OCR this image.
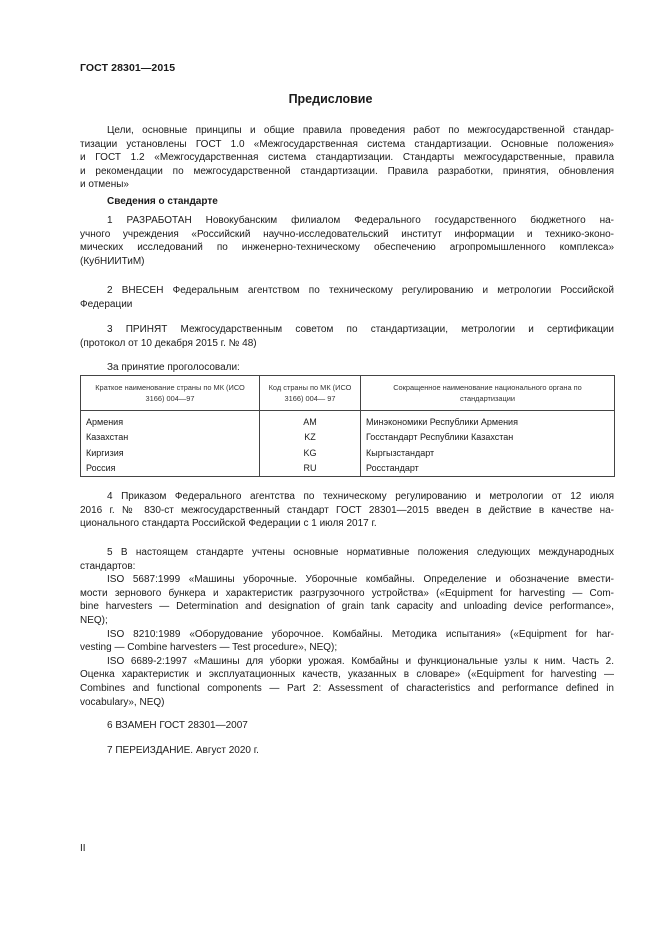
ГОСТ 28301—2015
Предисловие
Цели, основные принципы и общие правила проведения работ по межгосударственной стандар-
тизации установлены ГОСТ 1.0 «Межгосударственная система стандартизации. Основные положения»
и ГОСТ 1.2 «Межгосударственная система стандартизации. Стандарты межгосударственные, правила
и рекомендации по межгосударственной стандартизации. Правила разработки, принятия, обновления
и отмены»
Сведения о стандарте
1 РАЗРАБОТАН Новокубанским филиалом Федерального государственного бюджетного на-
учного учреждения «Российский научно-исследовательский институт информации и технико-эконо-
мических исследований по инженерно-техническому обеспечению агропромышленного комплекса»
(КубНИИТиМ)
2 ВНЕСЕН Федеральным агентством по техническому регулированию и метрологии Российской
Федерации
3 ПРИНЯТ Межгосударственным советом по стандартизации, метрологии и сертификации
(протокол от 10 декабря 2015 г. № 48)
За принятие проголосовали:
Краткое наименование страны по МК (ИСО 3166) 004—97	Код страны по МК (ИСО 3166) 004— 97	Сокращенное наименование национального органа по стандартизации
Армения	AM	Минэкономики Республики Армения
Казахстан	KZ	Госстандарт Республики Казахстан
Киргизия	KG	Кыргызстандарт
Россия	RU	Росстандарт
4 Приказом Федерального агентства по техническому регулированию и метрологии от 12 июля
2016 г. № 830-ст межгосударственный стандарт ГОСТ 28301—2015 введен в действие в качестве на-
ционального стандарта Российской Федерации с 1 июля 2017 г.
5 В настоящем стандарте учтены основные нормативные положения следующих международных
стандартов:
ISO 5687:1999 «Машины уборочные. Уборочные комбайны. Определение и обозначение вмести-
мости зернового бункера и характеристик разгрузочного устройства» («Equipment for harvesting — Com-
bine harvesters — Determination and designation of grain tank capacity and unloading device performance»,
NEQ);
ISO 8210:1989 «Оборудование уборочное. Комбайны. Методика испытания» («Equipment for har-
vesting — Combine harvesters — Test procedure», NEQ);
ISO 6689-2:1997 «Машины для уборки урожая. Комбайны и функциональные узлы к ним. Часть 2.
Оценка характеристик и эксплуатационных качеств, указанных в словаре» («Equipment for harvesting —
Combines and functional components — Part 2: Assessment of characteristics and performance defined in
vocabulary», NEQ)
6 ВЗАМЕН ГОСТ 28301—2007
7 ПЕРЕИЗДАНИЕ. Август 2020 г.
II
